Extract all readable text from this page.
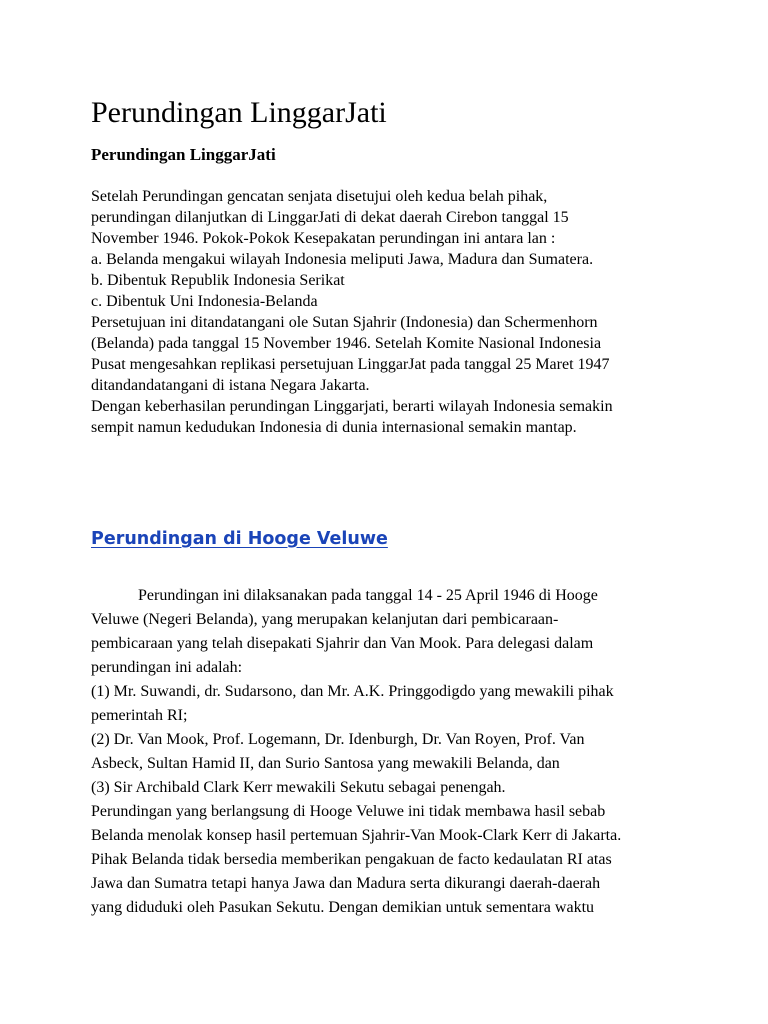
Perundingan LinggarJati
Perundingan LinggarJati
Setelah Perundingan gencatan senjata disetujui oleh kedua belah pihak,
perundingan dilanjutkan di LinggarJati di dekat daerah Cirebon tanggal 15
November 1946. Pokok-Pokok Kesepakatan perundingan ini antara lan :
a. Belanda mengakui wilayah Indonesia meliputi Jawa, Madura dan Sumatera.
b. Dibentuk Republik Indonesia Serikat
c. Dibentuk Uni Indonesia-Belanda
Persetujuan ini ditandatangani ole Sutan Sjahrir (Indonesia) dan Schermenhorn
(Belanda) pada tanggal 15 November 1946. Setelah Komite Nasional Indonesia
Pusat mengesahkan replikasi persetujuan LinggarJat pada tanggal 25 Maret 1947
ditandandatangani di istana Negara Jakarta.
Dengan keberhasilan perundingan Linggarjati, berarti wilayah Indonesia semakin
sempit namun kedudukan Indonesia di dunia internasional semakin mantap.
Perundingan di Hooge Veluwe
Perundingan ini dilaksanakan pada tanggal 14 - 25 April 1946 di Hooge
Veluwe (Negeri Belanda), yang merupakan kelanjutan dari pembicaraan-
pembicaraan yang telah disepakati Sjahrir dan Van Mook. Para delegasi dalam
perundingan ini adalah:
(1) Mr. Suwandi, dr. Sudarsono, dan Mr. A.K. Pringgodigdo yang mewakili pihak
pemerintah RI;
(2) Dr. Van Mook, Prof. Logemann, Dr. Idenburgh, Dr. Van Royen, Prof. Van
Asbeck, Sultan Hamid II, dan Surio Santosa yang mewakili Belanda, dan
(3) Sir Archibald Clark Kerr mewakili Sekutu sebagai penengah.
Perundingan yang berlangsung di Hooge Veluwe ini tidak membawa hasil sebab
Belanda menolak konsep hasil pertemuan Sjahrir-Van Mook-Clark Kerr di Jakarta.
Pihak Belanda tidak bersedia memberikan pengakuan de facto kedaulatan RI atas
Jawa dan Sumatra tetapi hanya Jawa dan Madura serta dikurangi daerah-daerah
yang diduduki oleh Pasukan Sekutu. Dengan demikian untuk sementara waktu
